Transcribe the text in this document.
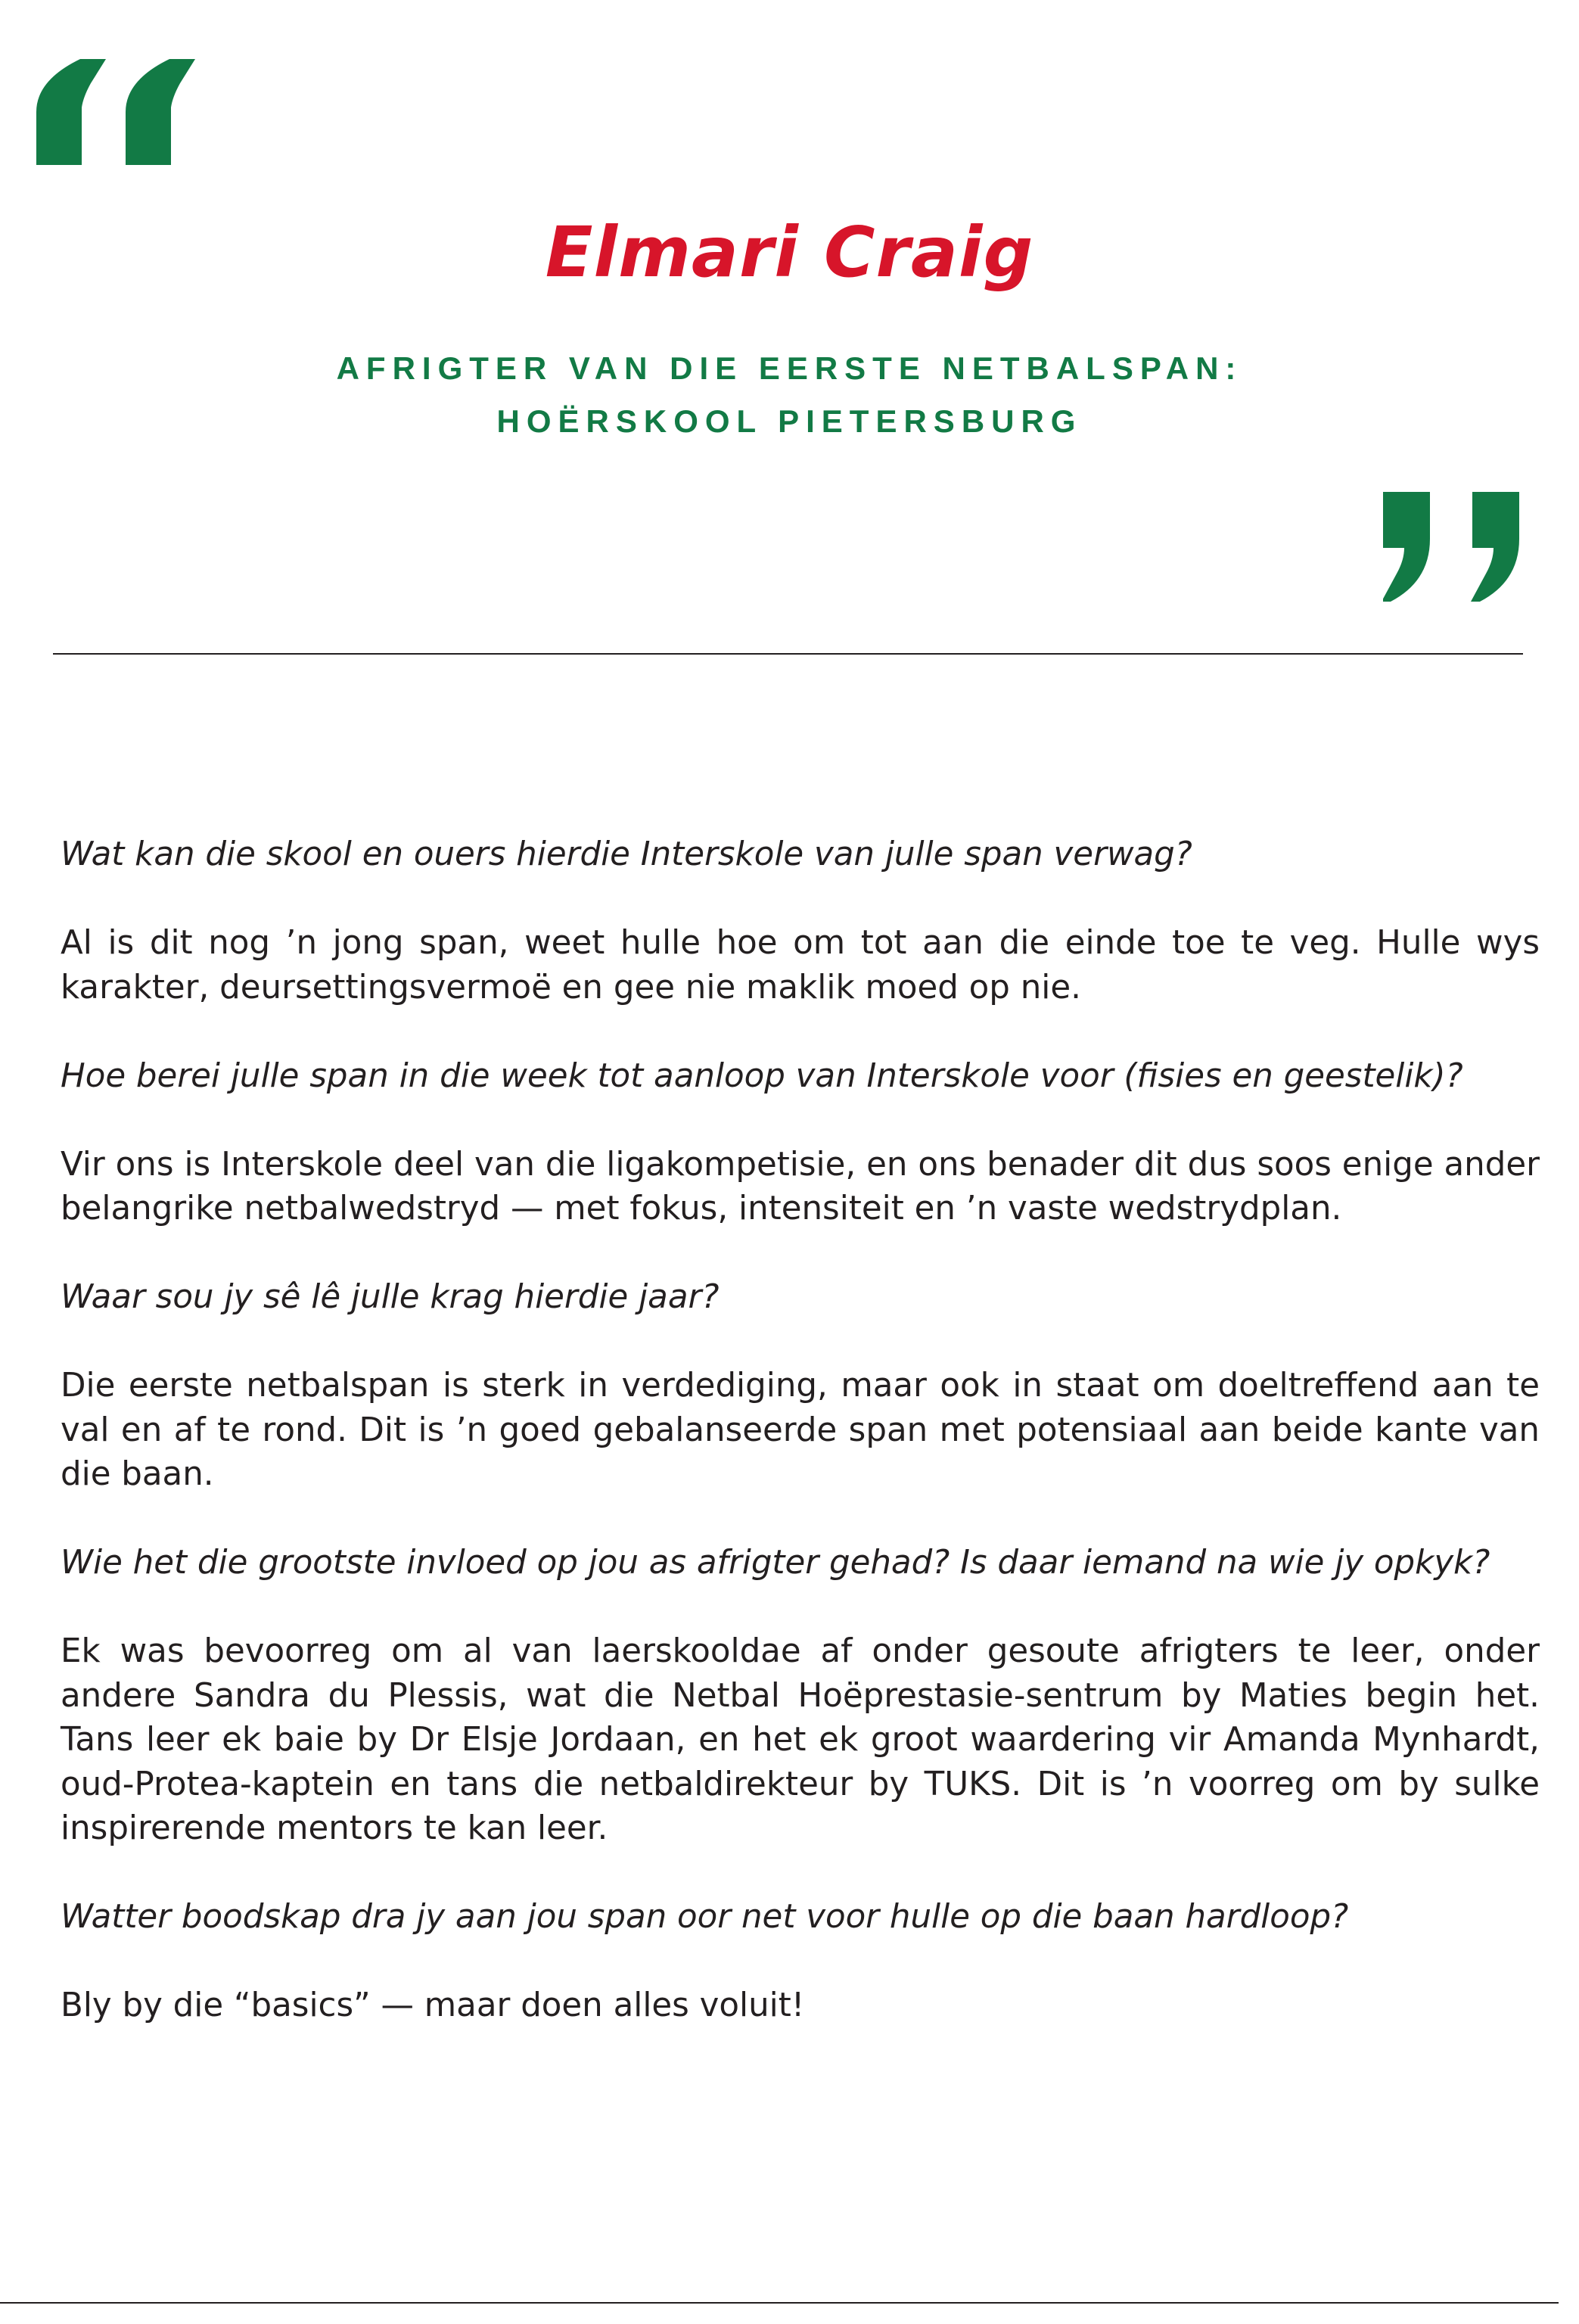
Elmari Craig
AFRIGTER VAN DIE EERSTE NETBALSPAN:
HOËRSKOOL PIETERSBURG

Wat kan die skool en ouers hierdie Interskole van julle span verwag?

Al is dit nog ’n jong span, weet hulle hoe om tot aan die einde toe te veg. Hulle wys karakter, deursettingsvermoë en gee nie maklik moed op nie.

Hoe berei julle span in die week tot aanloop van Interskole voor (fisies en geestelik)?

Vir ons is Interskole deel van die ligakompetisie, en ons benader dit dus soos enige ander belangrike netbalwedstryd — met fokus, intensiteit en ’n vaste wedstrydplan.

Waar sou jy sê lê julle krag hierdie jaar?

Die eerste netbalspan is sterk in verdediging, maar ook in staat om doeltreffend aan te val en af te rond. Dit is ’n goed gebalanseerde span met potensiaal aan beide kante van die baan.

Wie het die grootste invloed op jou as afrigter gehad? Is daar iemand na wie jy opkyk?

Ek was bevoorreg om al van laerskooldae af onder gesoute afrigters te leer, onder andere Sandra du Plessis, wat die Netbal Hoëprestasie-sentrum by Maties begin het. Tans leer ek baie by Dr Elsje Jordaan, en het ek groot waardering vir Amanda Mynhardt, oud-Protea-kaptein en tans die netbaldirekteur by TUKS. Dit is ’n voorreg om by sulke inspirerende mentors te kan leer.

Watter boodskap dra jy aan jou span oor net voor hulle op die baan hardloop?

Bly by die “basics” — maar doen alles voluit!
